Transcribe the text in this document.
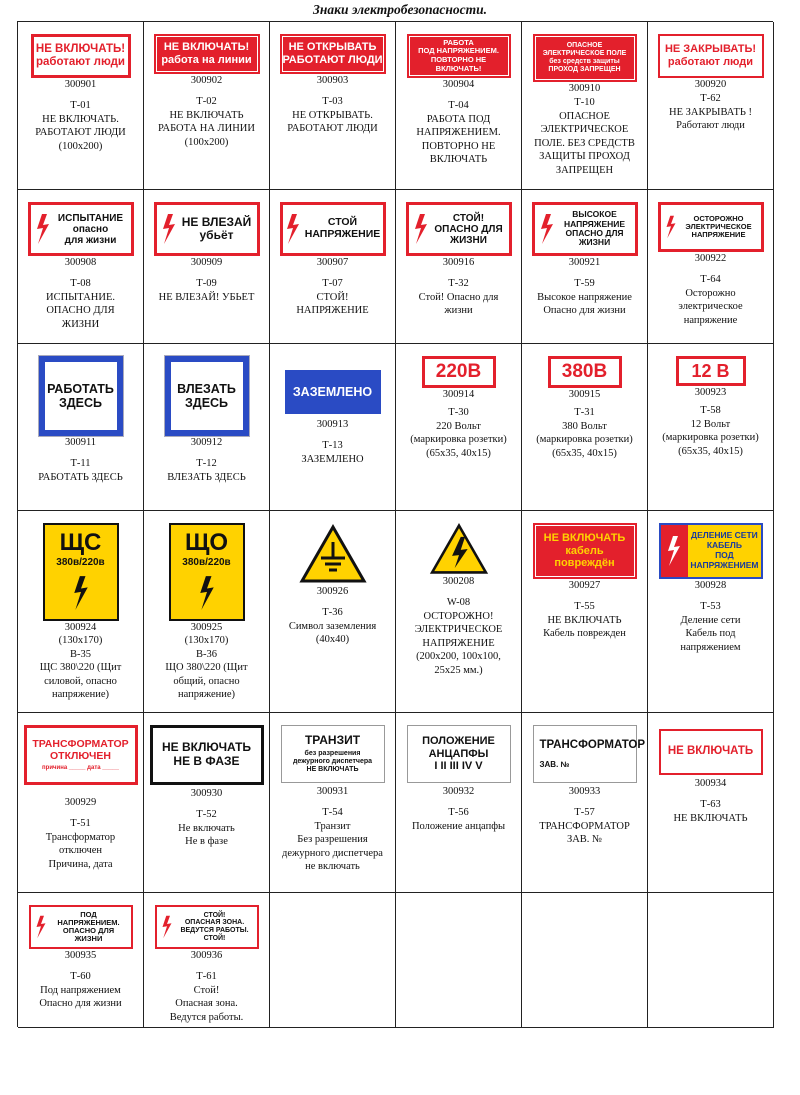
Знаки электробезопасности.
НЕ ВКЛЮЧАТЬ!
работают люди
300901
Т-01
НЕ ВКЛЮЧАТЬ.
РАБОТАЮТ ЛЮДИ
(100x200)
НЕ ВКЛЮЧАТЬ!
работа на линии
300902
Т-02
НЕ ВКЛЮЧАТЬ
РАБОТА НА ЛИНИИ
(100x200)
НЕ ОТКРЫВАТЬ
РАБОТАЮТ ЛЮДИ
300903
Т-03
НЕ ОТКРЫВАТЬ.
РАБОТАЮТ ЛЮДИ
РАБОТА
ПОД НАПРЯЖЕНИЕМ.
ПОВТОРНО НЕ ВКЛЮЧАТЬ!
300904
Т-04
РАБОТА ПОД
НАПРЯЖЕНИЕМ.
ПОВТОРНО НЕ
ВКЛЮЧАТЬ
ОПАСНОЕ
ЭЛЕКТРИЧЕСКОЕ ПОЛЕ
без средств защиты
ПРОХОД ЗАПРЕЩЕН
300910
Т-10
ОПАСНОЕ
ЭЛЕКТРИЧЕСКОЕ
ПОЛЕ. БЕЗ СРЕДСТВ
ЗАЩИТЫ ПРОХОД
ЗАПРЕЩЕН
НЕ ЗАКРЫВАТЬ!
работают люди
300920
Т-62
НЕ ЗАКРЫВАТЬ !
Работают люди
ИСПЫТАНИЕ
опасно
для жизни
300908
Т-08
ИСПЫТАНИЕ.
ОПАСНО ДЛЯ
ЖИЗНИ
НЕ ВЛЕЗАЙ
убьёт
300909
Т-09
НЕ ВЛЕЗАЙ! УБЬЕТ
СТОЙ
НАПРЯЖЕНИЕ
300907
Т-07
СТОЙ!
НАПРЯЖЕНИЕ
СТОЙ!
ОПАСНО ДЛЯ
ЖИЗНИ
300916
Т-32
Стой! Опасно для
жизни
ВЫСОКОЕ
НАПРЯЖЕНИЕ
ОПАСНО ДЛЯ
ЖИЗНИ
300921
Т-59
Высокое напряжение
Опасно для жизни
ОСТОРОЖНО
ЭЛЕКТРИЧЕСКОЕ
НАПРЯЖЕНИЕ
300922
Т-64
Осторожно
электрическое
напряжение
РАБОТАТЬ
ЗДЕСЬ
300911
Т-11
РАБОТАТЬ ЗДЕСЬ
ВЛЕЗАТЬ
ЗДЕСЬ
300912
Т-12
ВЛЕЗАТЬ ЗДЕСЬ
ЗАЗЕМЛЕНО
300913
Т-13
ЗАЗЕМЛЕНО
220В
300914
Т-30
220 Вольт
(маркировка розетки)
(65x35, 40x15)
380В
300915
Т-31
380 Вольт
(маркировка розетки)
(65x35, 40x15)
12 В
300923
Т-58
12 Вольт
(маркировка розетки)
(65x35, 40x15)
ЩС
380в/220в
300924
(130x170)
В-35
ЩС 380\220 (Щит
силовой, опасно
напряжение)
ЩО
380в/220в
300925
(130x170)
В-36
ЩО 380\220 (Щит
общий, опасно
напряжение)
300926
Т-36
Символ заземления
(40x40)
300208
W-08
ОСТОРОЖНО!
ЭЛЕКТРИЧЕСКОЕ
НАПРЯЖЕНИЕ
(200x200, 100x100,
25x25 мм.)
НЕ ВКЛЮЧАТЬ
кабель повреждён
300927
Т-55
НЕ ВКЛЮЧАТЬ
Кабель поврежден
ДЕЛЕНИЕ СЕТИ
КАБЕЛЬ
ПОД НАПРЯЖЕНИЕМ
300928
Т-53
Деление сети
Кабель под
напряжением
ТРАНСФОРМАТОР
ОТКЛЮЧЕН
причина _____ дата _____
300929
Т-51
Трансформатор
отключен
Причина, дата
НЕ ВКЛЮЧАТЬ
НЕ В ФАЗЕ
300930
Т-52
Не включать
Не в фазе
ТРАНЗИТ
без разрешения
дежурного диспетчера
НЕ ВКЛЮЧАТЬ
300931
Т-54
Транзит
Без разрешения
дежурного диспетчера
не включать
ПОЛОЖЕНИЕ
АНЦАПФЫ
I II III IV V
300932
Т-56
Положение анцапфы
ТРАНСФОРМАТОР
ЗАВ. №
300933
Т-57
ТРАНСФОРМАТОР
ЗАВ. №
НЕ ВКЛЮЧАТЬ
300934
Т-63
НЕ ВКЛЮЧАТЬ
ПОД
НАПРЯЖЕНИЕМ.
ОПАСНО ДЛЯ
ЖИЗНИ
300935
Т-60
Под напряжением
Опасно для жизни
СТОЙ!
ОПАСНАЯ ЗОНА.
ВЕДУТСЯ РАБОТЫ.
СТОЙ!
300936
Т-61
Стой!
Опасная зона.
Ведутся работы.
